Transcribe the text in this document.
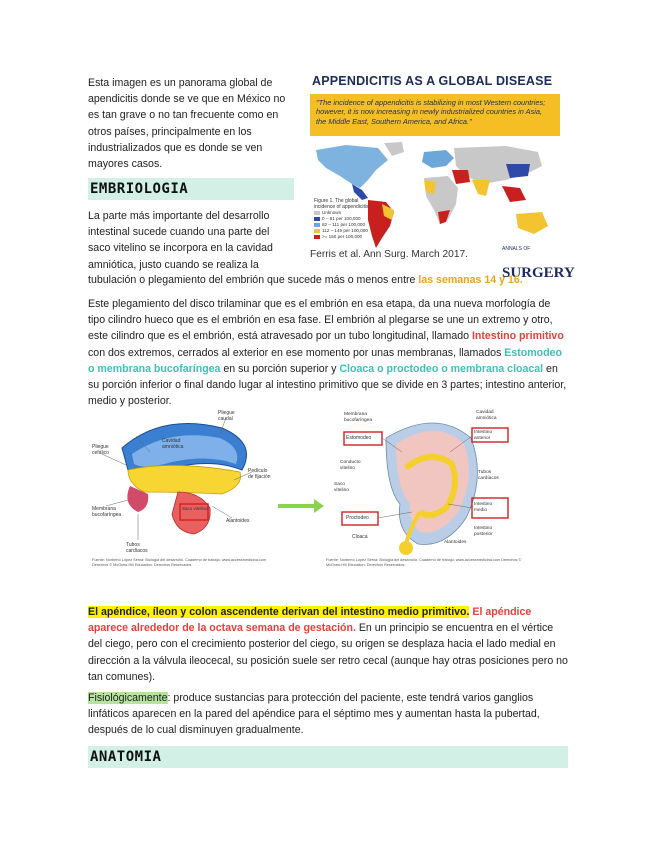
Esta imagen es un panorama global de apendicitis donde se ve que en México no es tan grave o no tan frecuente como en otros países, principalmente en los industrializados que es donde se ven mayores casos.

APPENDICITIS AS A GLOBAL DISEASE
"The incidence of appendicitis is stabilizing in most Western countries; however, it is now increasing in newly industrialized countries in Asia, the Middle East, Southern America, and Africa."
Figure 1. The global incidence of appendicitis
Unknown
0 – 81 per 100,000
82 – 111 per 100,000
112 – 149 per 100,000
>= 150 per 100,000
Ferris et al. Ann Surg. March 2017.	$^{ANNALS OF}$ SURGERY
EMBRIOLOGIA

La parte más importante del desarrollo intestinal sucede cuando una parte del saco vitelino se incorpora en la cavidad amniótica, justo cuando se realiza la

tubulación o plegamiento del embrión que sucede más o menos entre las semanas 14 y 16.

Este plegamiento del disco trilaminar que es el embrión en esa etapa, da una nueva morfología de tipo cilindro hueco que es el embrión en esa fase. El embrión al plegarse se une un extremo y otro, este cilindro que es el embrión, está atravesado por un tubo longitudinal, llamado Intestino primitivo con dos extremos, cerrados al exterior en ese momento por unas membranas, llamados Estomodeo o membrana bucofaríngea en su porción superior y Cloaca o proctodeo o membrana cloacal en su porción inferior o final dando lugar al intestino primitivo que se divide en 3 partes; intestino anterior, medio y posterior.

Pliegue caudal
Cavidad amniótica
Pliegue cefálico
Pedículo de fijación
Saco vitelino
Alantoides
Membrana bucofaríngea
Tubos cardíacos
Fuente: Norberto López Serna: Biología del desarrollo. Cuaderno de trabajo, www.accessmedicina.com Derechos © McGraw-Hill Education. Derechos Reservados.
Membrana bucofaríngea
Estomodeo
Conducto vitelino
Saco vitelino
Proctodeo
Cloaca
Cavidad amniótica
Intestino anterior
Tubos cardíacos
Intestino medio
Intestino posterior
Alantoides
Fuente: Norberto López Serna: Biología del desarrollo. Cuaderno de trabajo, www.accessmedicina.com Derechos © McGraw-Hill Education. Derechos Reservados.

El apéndice, íleon y colon ascendente derivan del intestino medio primitivo. El apéndice aparece alrededor de la octava semana de gestación. En un principio se encuentra en el vértice del ciego, pero con el crecimiento posterior del ciego, su origen se desplaza hacia el lado medial en dirección a la válvula ileocecal, su posición suele ser retro cecal (aunque hay otras posiciones pero no tan comunes).

Fisiológicamente: produce sustancias para protección del paciente, este tendrá varios ganglios linfáticos aparecen en la pared del apéndice para el séptimo mes y aumentan hasta la pubertad, después de lo cual disminuyen gradualmente.

ANATOMIA
